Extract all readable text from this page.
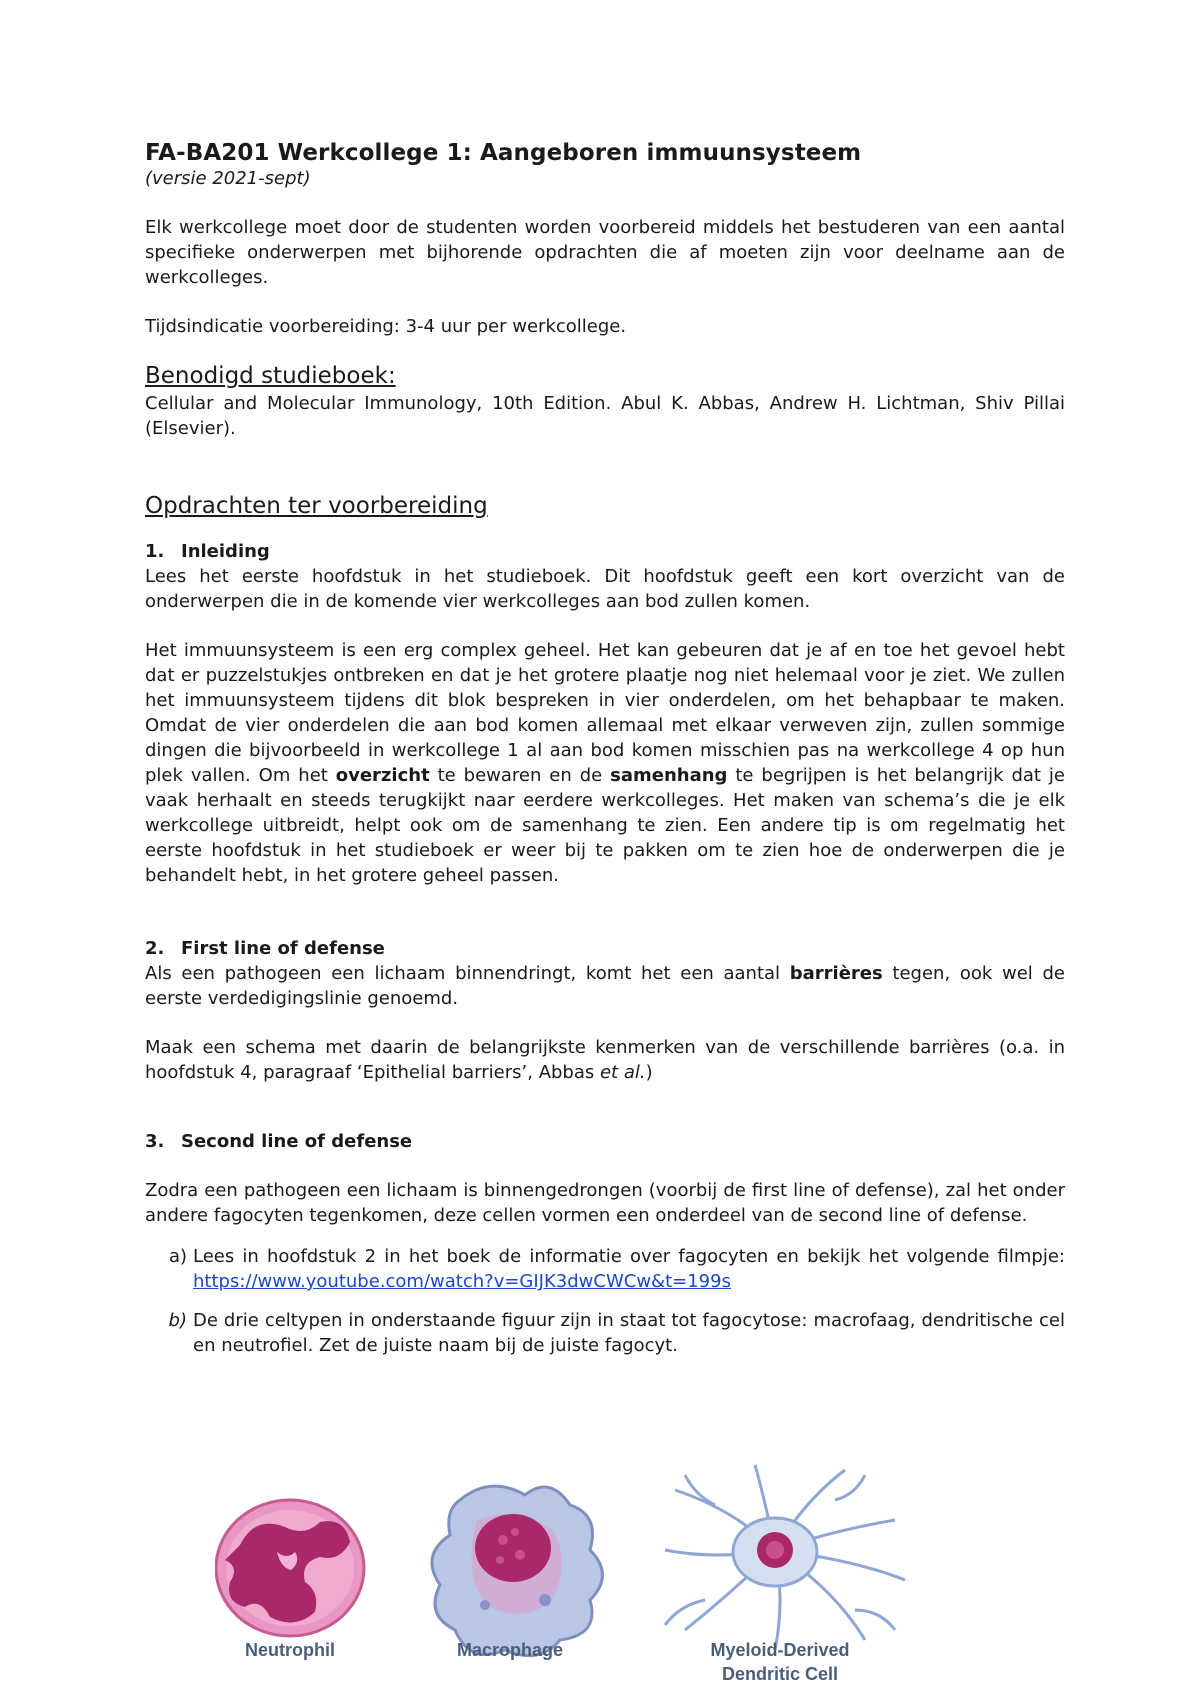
FA-BA201 Werkcollege 1: Aangeboren immuunsysteem
(versie 2021-sept)

Elk werkcollege moet door de studenten worden voorbereid middels het bestuderen van een aantal specifieke onderwerpen met bijhorende opdrachten die af moeten zijn voor deelname aan de werkcolleges.

Tijdsindicatie voorbereiding: 3-4 uur per werkcollege.

Benodigd studieboek:

Cellular and Molecular Immunology, 10th Edition. Abul K. Abbas, Andrew H. Lichtman, Shiv Pillai (Elsevier).

Opdrachten ter voorbereiding
1. Inleiding

Lees het eerste hoofdstuk in het studieboek. Dit hoofdstuk geeft een kort overzicht van de onderwerpen die in de komende vier werkcolleges aan bod zullen komen.

Het immuunsysteem is een erg complex geheel. Het kan gebeuren dat je af en toe het gevoel hebt dat er puzzelstukjes ontbreken en dat je het grotere plaatje nog niet helemaal voor je ziet. We zullen het immuunsysteem tijdens dit blok bespreken in vier onderdelen, om het behapbaar te maken. Omdat de vier onderdelen die aan bod komen allemaal met elkaar verweven zijn, zullen sommige dingen die bijvoorbeeld in werkcollege 1 al aan bod komen misschien pas na werkcollege 4 op hun plek vallen. Om het overzicht te bewaren en de samenhang te begrijpen is het belangrijk dat je vaak herhaalt en steeds terugkijkt naar eerdere werkcolleges. Het maken van schema’s die je elk werkcollege uitbreidt, helpt ook om de samenhang te zien. Een andere tip is om regelmatig het eerste hoofdstuk in het studieboek er weer bij te pakken om te zien hoe de onderwerpen die je behandelt hebt, in het grotere geheel passen.

2. First line of defense

Als een pathogeen een lichaam binnendringt, komt het een aantal barrières tegen, ook wel de eerste verdedigingslinie genoemd.

Maak een schema met daarin de belangrijkste kenmerken van de verschillende barrières (o.a. in hoofdstuk 4, paragraaf ‘Epithelial barriers’, Abbas et al.)

3. Second line of defense

Zodra een pathogeen een lichaam is binnengedrongen (voorbij de first line of defense), zal het onder andere fagocyten tegenkomen, deze cellen vormen een onderdeel van de second line of defense.

a) Lees in hoofdstuk 2 in het boek de informatie over fagocyten en bekijk het volgende filmpje: https://www.youtube.com/watch?v=GIJK3dwCWCw&t=199s
b) De drie celtypen in onderstaande figuur zijn in staat tot fagocytose: macrofaag, dendritische cel en neutrofiel. Zet de juiste naam bij de juiste fagocyt.
Neutrophil	Macrophage	Myeloid-Derived
Dendritic Cell
